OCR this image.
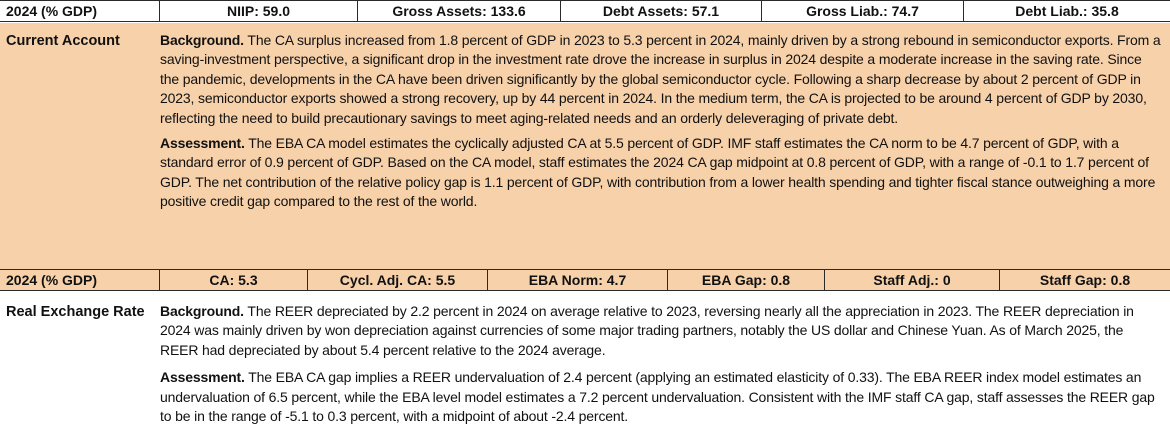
2024 (% GDP)	NIIP: 59.0	Gross Assets: 133.6	Debt Assets: 57.1	Gross Liab.: 74.7	Debt Liab.: 35.8
Current Account	Background. The CA surplus increased from 1.8 percent of GDP in 2023 to 5.3 percent in 2024, mainly driven by a strong rebound in semiconductor exports. From a saving-investment perspective, a significant drop in the investment rate drove the increase in surplus in 2024 despite a moderate increase in the saving rate. Since the pandemic, developments in the CA have been driven significantly by the global semiconductor cycle. Following a sharp decrease by about 2 percent of GDP in 2023, semiconductor exports showed a strong recovery, up by 44 percent in 2024. In the medium term, the CA is projected to be around 4 percent of GDP by 2030, reflecting the need to build precautionary savings to meet aging-related needs and an orderly deleveraging of private debt.

Assessment. The EBA CA model estimates the cyclically adjusted CA at 5.5 percent of GDP. IMF staff estimates the CA norm to be 4.7 percent of GDP, with a standard error of 0.9 percent of GDP. Based on the CA model, staff estimates the 2024 CA gap midpoint at 0.8 percent of GDP, with a range of -0.1 to 1.7 percent of GDP. The net contribution of the relative policy gap is 1.1 percent of GDP, with contribution from a lower health spending and tighter fiscal stance outweighing a more positive credit gap compared to the rest of the world.

2024 (% GDP)	CA: 5.3	Cycl. Adj. CA: 5.5	EBA Norm: 4.7	EBA Gap: 0.8	Staff Adj.: 0	Staff Gap: 0.8
Real Exchange Rate	Background. The REER depreciated by 2.2 percent in 2024 on average relative to 2023, reversing nearly all the appreciation in 2023. The REER depreciation in 2024 was mainly driven by won depreciation against currencies of some major trading partners, notably the US dollar and Chinese Yuan. As of March 2025, the REER had depreciated by about 5.4 percent relative to the 2024 average.

Assessment. The EBA CA gap implies a REER undervaluation of 2.4 percent (applying an estimated elasticity of 0.33). The EBA REER index model estimates an undervaluation of 6.5 percent, while the EBA level model estimates a 7.2 percent undervaluation. Consistent with the IMF staff CA gap, staff assesses the REER gap to be in the range of -5.1 to 0.3 percent, with a midpoint of about -2.4 percent.
